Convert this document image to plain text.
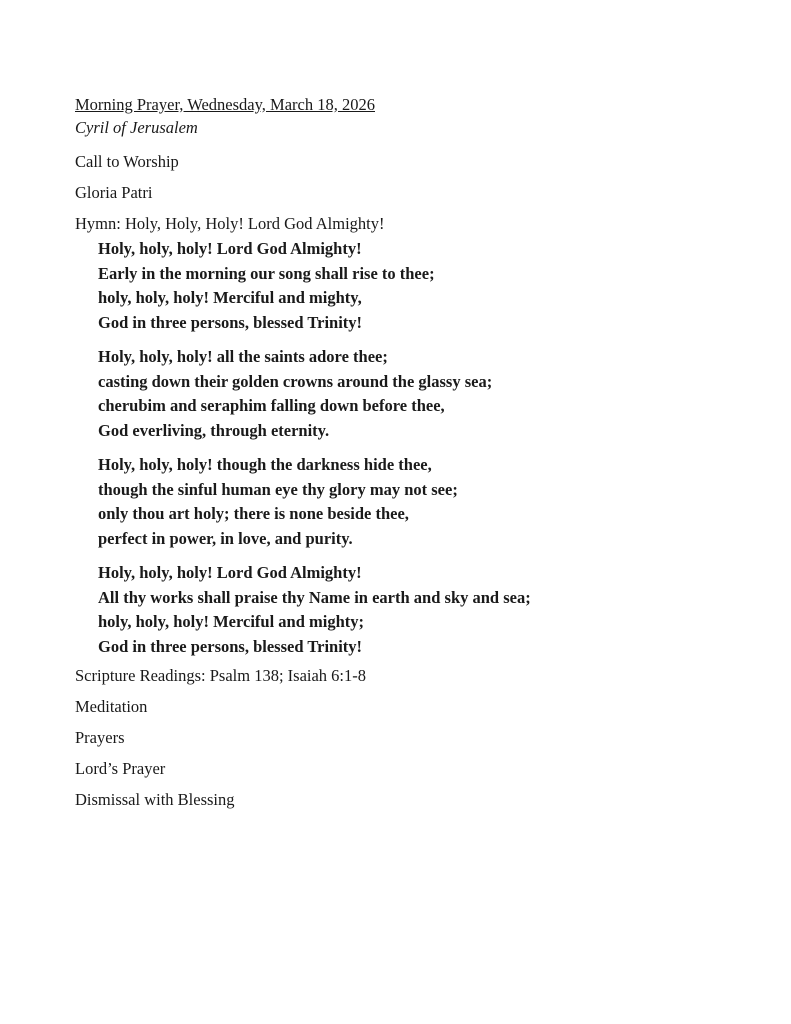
Morning Prayer, Wednesday, March 18, 2026
Cyril of Jerusalem
Call to Worship
Gloria Patri
Hymn: Holy, Holy, Holy! Lord God Almighty!
Holy, holy, holy! Lord God Almighty!
Early in the morning our song shall rise to thee;
holy, holy, holy! Merciful and mighty,
God in three persons, blessed Trinity!
Holy, holy, holy! all the saints adore thee;
casting down their golden crowns around the glassy sea;
cherubim and seraphim falling down before thee,
God everliving, through eternity.
Holy, holy, holy! though the darkness hide thee,
though the sinful human eye thy glory may not see;
only thou art holy; there is none beside thee,
perfect in power, in love, and purity.
Holy, holy, holy! Lord God Almighty!
All thy works shall praise thy Name in earth and sky and sea;
holy, holy, holy! Merciful and mighty;
God in three persons, blessed Trinity!
Scripture Readings: Psalm 138; Isaiah 6:1-8
Meditation
Prayers
Lord’s Prayer
Dismissal with Blessing
